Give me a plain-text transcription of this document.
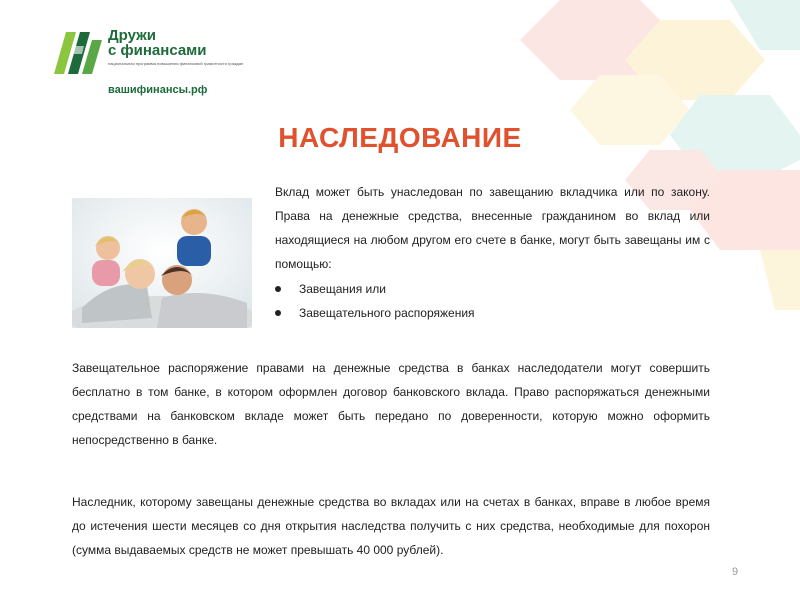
Дружи
с финансами

национальная программа повышения финансовой грамотности граждан
вашифинансы.рф
НАСЛЕДОВАНИЕ

Вклад может быть унаследован по завещанию вкладчика или по закону. Права на денежные средства, внесенные гражданином во вклад или находящиеся на любом другом его счете в банке, могут быть завещаны им с помощью:

Завещания или
Завещательного распоряжения

Завещательное распоряжение правами на денежные средства в банках наследодатели могут совершить бесплатно в том банке, в котором оформлен договор банковского вклада. Право распоряжаться денежными средствами на банковском вкладе может быть передано по доверенности, которую можно оформить непосредственно в банке.

Наследник, которому завещаны денежные средства во вкладах или на счетах в банках, вправе в любое время до истечения шести месяцев со дня открытия наследства получить с них средства, необходимые для похорон (сумма выдаваемых средств не может превышать 40 000 рублей).

9
